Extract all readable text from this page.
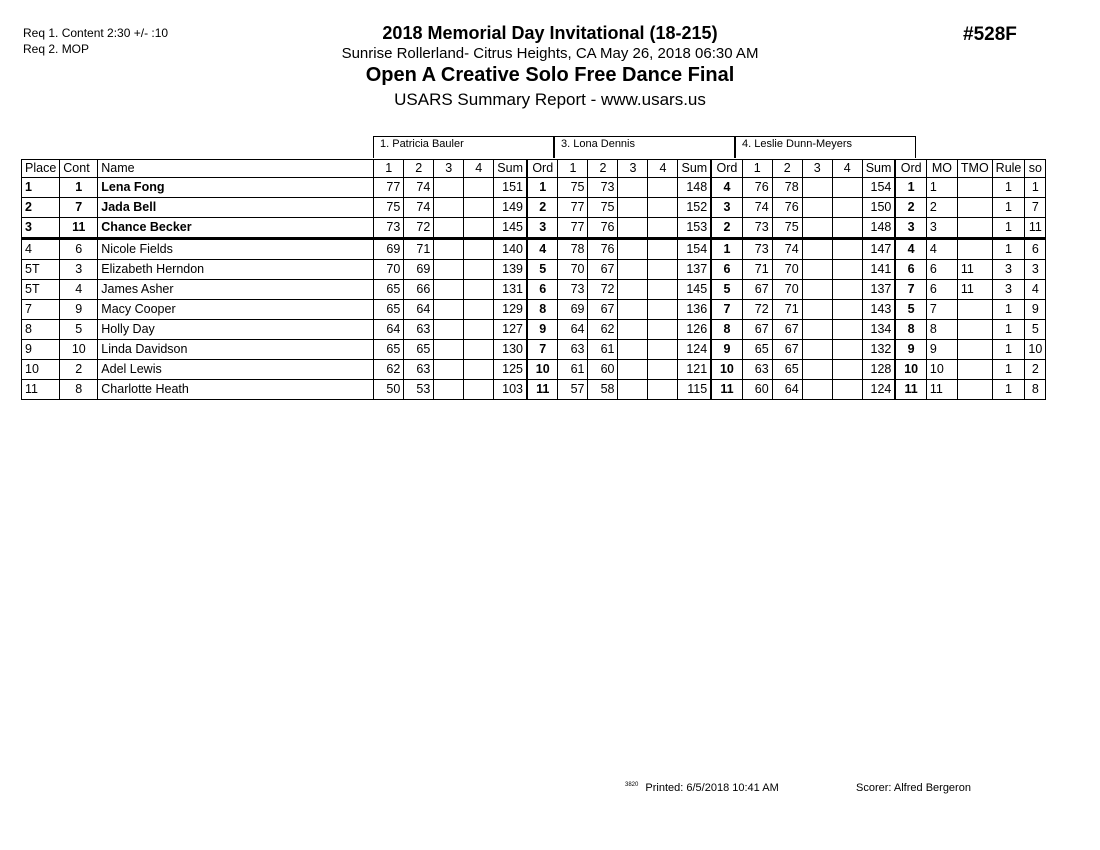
Req 1. Content 2:30 +/- :10
Req 2. MOP
2018 Memorial Day Invitational (18-215)
Sunrise Rollerland- Citrus Heights, CA May 26, 2018 06:30 AM
Open A Creative Solo Free Dance Final
USARS Summary Report - www.usars.us
#528F
1. Patricia Bauler	3. Lona Dennis	4. Leslie Dunn-Meyers
Place	Cont	Name	1	2	3	4	Sum	Ord	1	2	3	4	Sum	Ord	1	2	3	4	Sum	Ord	MO	TMO	Rule	so
1	1	Lena Fong	77	74			151	1	75	73			148	4	76	78			154	1	1		1	1
2	7	Jada Bell	75	74			149	2	77	75			152	3	74	76			150	2	2		1	7
3	11	Chance Becker	73	72			145	3	77	76			153	2	73	75			148	3	3		1	11
4	6	Nicole Fields	69	71			140	4	78	76			154	1	73	74			147	4	4		1	6
5T	3	Elizabeth Herndon	70	69			139	5	70	67			137	6	71	70			141	6	6	11	3	3
5T	4	James Asher	65	66			131	6	73	72			145	5	67	70			137	7	6	11	3	4
7	9	Macy Cooper	65	64			129	8	69	67			136	7	72	71			143	5	7		1	9
8	5	Holly Day	64	63			127	9	64	62			126	8	67	67			134	8	8		1	5
9	10	Linda Davidson	65	65			130	7	63	61			124	9	65	67			132	9	9		1	10
10	2	Adel Lewis	62	63			125	10	61	60			121	10	63	65			128	10	10		1	2
11	8	Charlotte Heath	50	53			103	11	57	58			115	11	60	64			124	11	11		1	8
$^{3820}$ Printed: 6/5/2018 10:41 AM	Scorer: Alfred Bergeron
